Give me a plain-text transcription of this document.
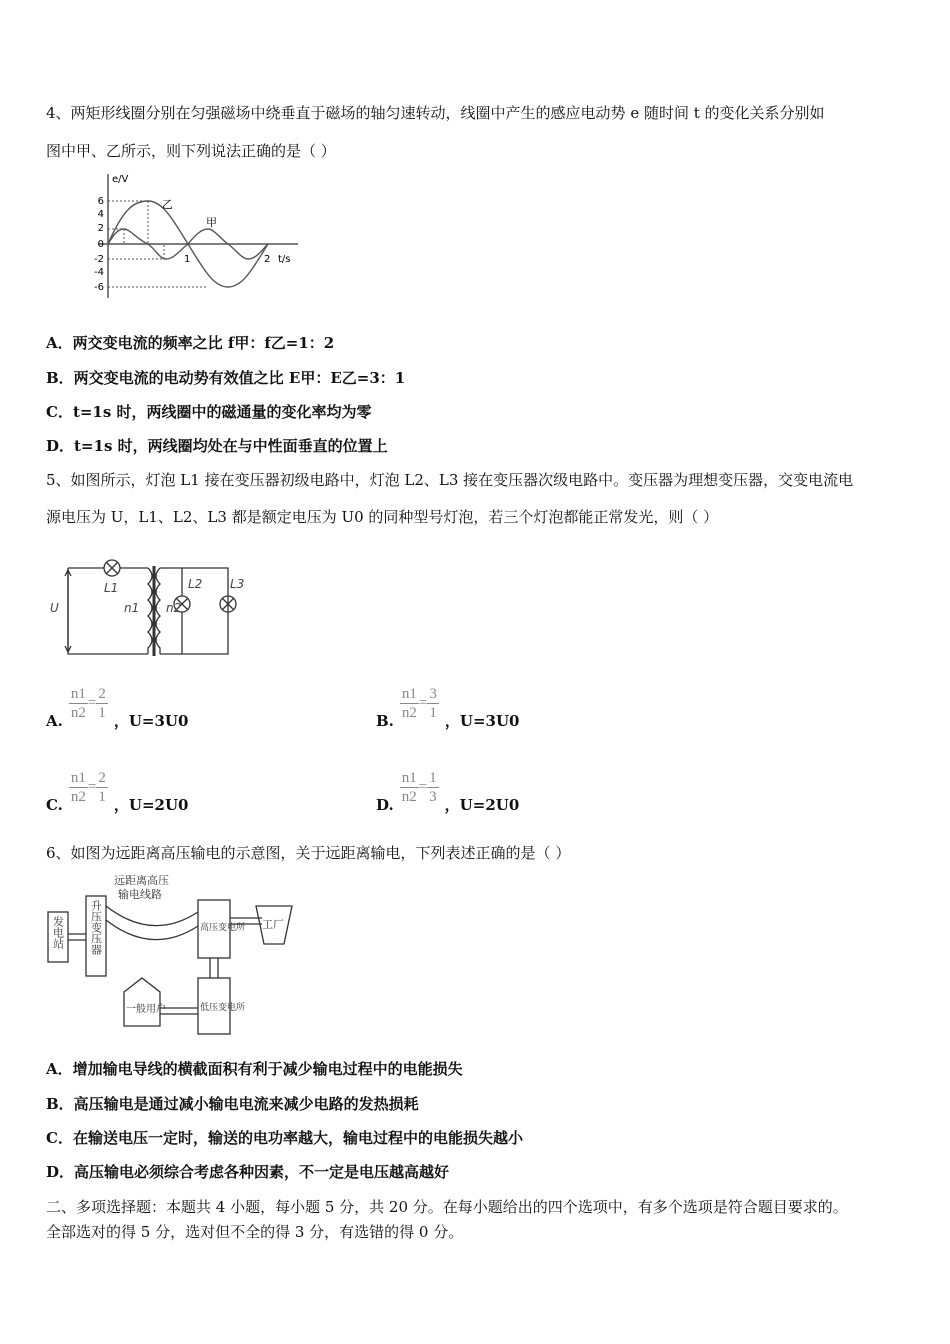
4、两矩形线圈分别在匀强磁场中绕垂直于磁场的轴匀速转动，线圈中产生的感应电动势 e 随时间 t 的变化关系分别如
图中甲、乙所示，则下列说法正确的是（ ）
e/V
t/s
6
4
2
0
-2
-4
-6
1	2
乙
甲
A．两交变电流的频率之比 f甲：f乙=1：2
B．两交变电流的电动势有效值之比 E甲：E乙=3：1
C．t=1s 时，两线圈中的磁通量的变化率均为零
D．t=1s 时，两线圈均处在与中性面垂直的位置上
5、如图所示，灯泡 L1 接在变压器初级电路中，灯泡 L2、L3 接在变压器次级电路中。变压器为理想变压器，交变电流电
源电压为 U，L1、L2、L3 都是额定电压为 U0 的同种型号灯泡，若三个灯泡都能正常发光，则（ ）
U
L1
n1 n2
L2 L3
A. $\frac{n1}{n2} = \frac{2}{1}$ ，U=3U0	B. $\frac{n1}{n2} = \frac{3}{1}$ ，U=3U0
C. $\frac{n1}{n2} = \frac{2}{1}$ ，U=2U0	D. $\frac{n1}{n2} = \frac{1}{3}$ ，U=2U0
6、如图为远距离高压输电的示意图，关于远距离输电，下列表述正确的是（ ）
远距离高压
输电线路
发电站 升压变压器	高压变电所 工厂
低压变电所
一般用户
A．增加输电导线的横截面积有利于减少输电过程中的电能损失
B．高压输电是通过减小输电电流来减少电路的发热损耗
C．在输送电压一定时，输送的电功率越大，输电过程中的电能损失越小
D．高压输电必须综合考虑各种因素，不一定是电压越高越好
二、多项选择题：本题共 4 小题，每小题 5 分，共 20 分。在每小题给出的四个选项中，有多个选项是符合题目要求的。
全部选对的得 5 分，选对但不全的得 3 分，有选错的得 0 分。
